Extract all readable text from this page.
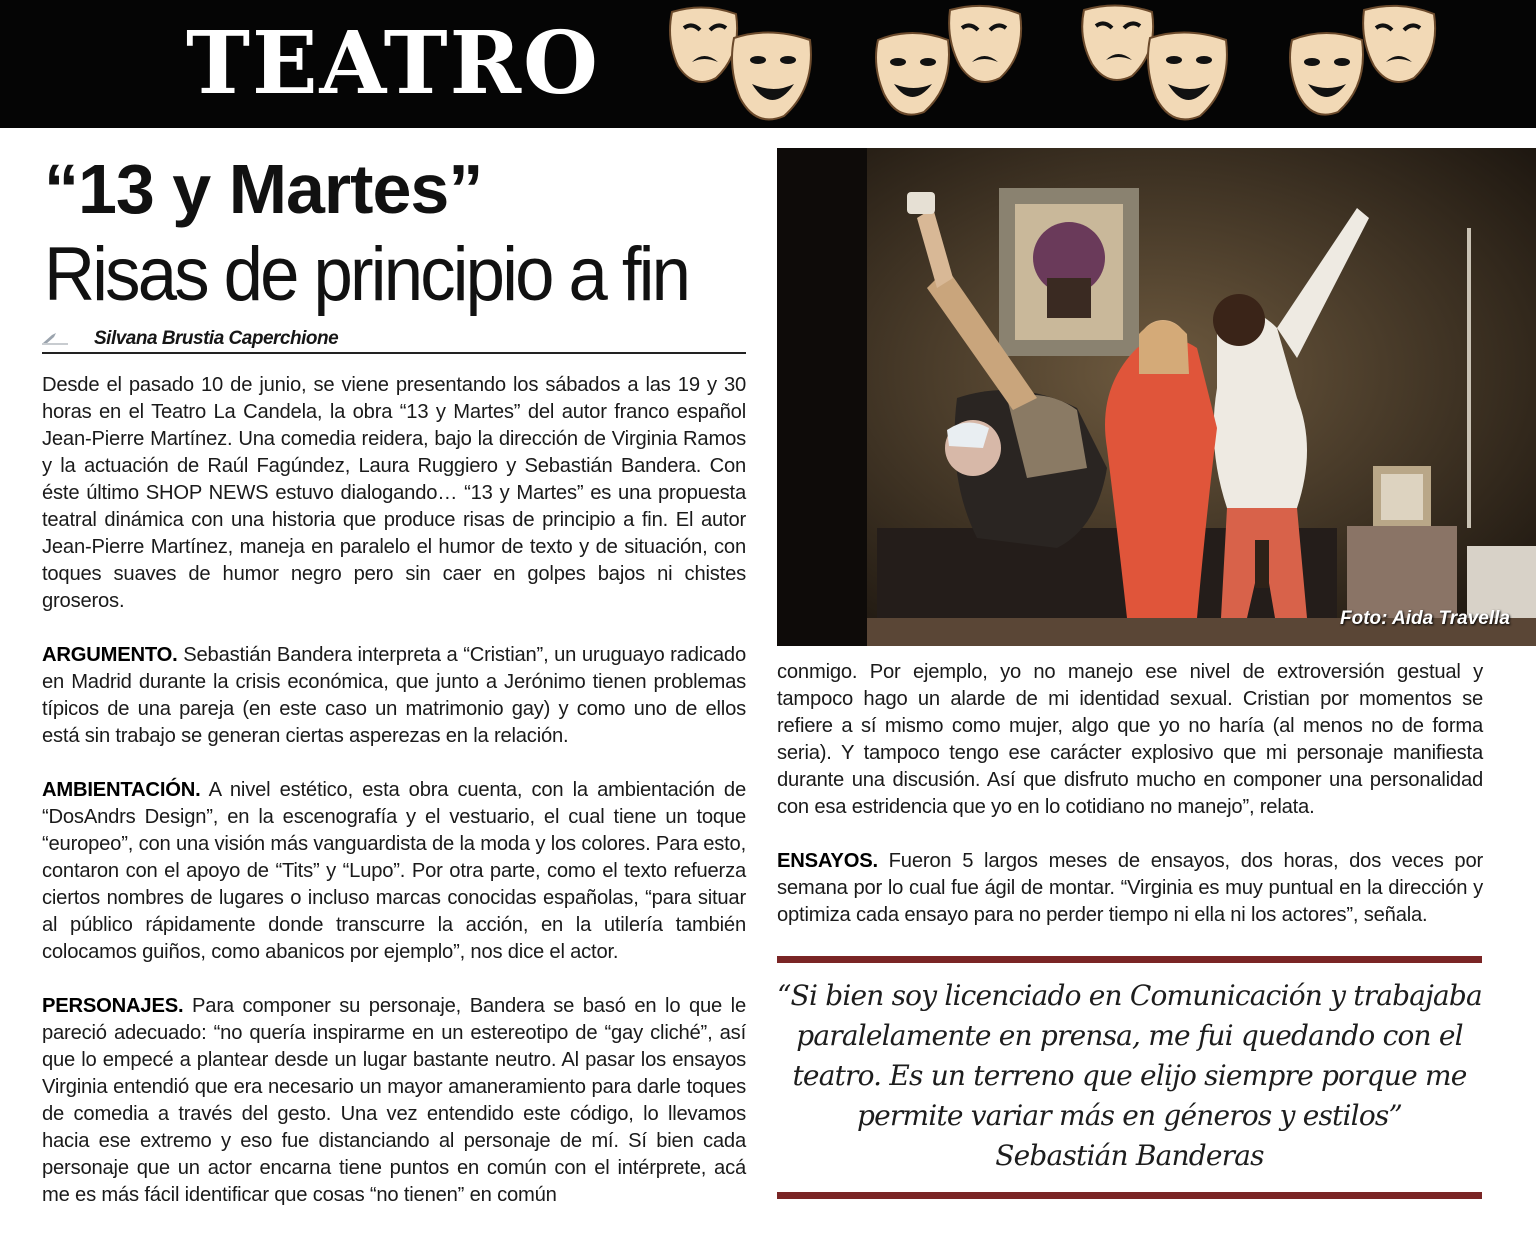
TEATRO
“13 y Martes”
Risas de principio a fin
Silvana Brustia Caperchione

Desde el pasado 10 de junio, se viene presentando los sábados a las 19 y 30 horas en el Teatro La Candela, la obra “13 y Martes” del autor franco español Jean-Pierre Martínez. Una comedia reidera, bajo la dirección de Virginia Ramos y la actuación de Raúl Fagúndez, Laura Ruggiero y Sebastián Bandera. Con éste último SHOP NEWS estuvo dialogando… “13 y Martes” es una propuesta teatral dinámica con una historia que produce risas de principio a fin. El autor Jean-Pierre Martínez, maneja en paralelo el humor de texto y de situación, con toques suaves de humor negro pero sin caer en golpes bajos ni chistes groseros.

ARGUMENTO. Sebastián Bandera interpreta a “Cristian”, un uruguayo radicado en Madrid durante la crisis económica, que junto a Jerónimo tienen problemas típicos de una pareja (en este caso un matrimonio gay) y como uno de ellos está sin trabajo se generan ciertas asperezas en la relación.

AMBIENTACIÓN. A nivel estético, esta obra cuenta, con la ambientación de “DosAndrs Design”, en la escenografía y el vestuario, el cual tiene un toque “europeo”, con una visión más vanguardista de la moda y los colores. Para esto, contaron con el apoyo de “Tits” y “Lupo”. Por otra parte, como el texto refuerza ciertos nombres de lugares o incluso marcas conocidas españolas, “para situar al público rápidamente donde transcurre la acción, en la utilería también colocamos guiños, como abanicos por ejemplo”, nos dice el actor.

PERSONAJES. Para componer su personaje, Bandera se basó en lo que le pareció adecuado: “no quería inspirarme en un estereotipo de “gay cliché”, así que lo empecé a plantear desde un lugar bastante neutro. Al pasar los ensayos Virginia entendió que era necesario un mayor amaneramiento para darle toques de comedia a través del gesto. Una vez entendido este código, lo llevamos hacia ese extremo y eso fue distanciando al personaje de mí. Sí bien cada personaje que un actor encarna tiene puntos en común con el intérprete, acá me es más fácil identificar que cosas “no tienen” en común

Foto: Aida Travella

conmigo. Por ejemplo, yo no manejo ese nivel de extroversión gestual y tampoco hago un alarde de mi identidad sexual. Cristian por momentos se refiere a sí mismo como mujer, algo que yo no haría (al menos no de forma seria). Y tampoco tengo ese carácter explosivo que mi personaje manifiesta durante una discusión. Así que disfruto mucho en componer una personalidad con esa estridencia que yo en lo cotidiano no manejo”, relata.

ENSAYOS. Fueron 5 largos meses de ensayos, dos horas, dos veces por semana por lo cual fue ágil de montar. “Virginia es muy puntual en la dirección y optimiza cada ensayo para no perder tiempo ni ella ni los actores”, señala.

“Si bien soy licenciado en Comunicación y trabajaba paralelamente en prensa, me fui quedando con el teatro. Es un terreno que elijo siempre porque me permite variar más en géneros y estilos”
Sebastián Banderas
